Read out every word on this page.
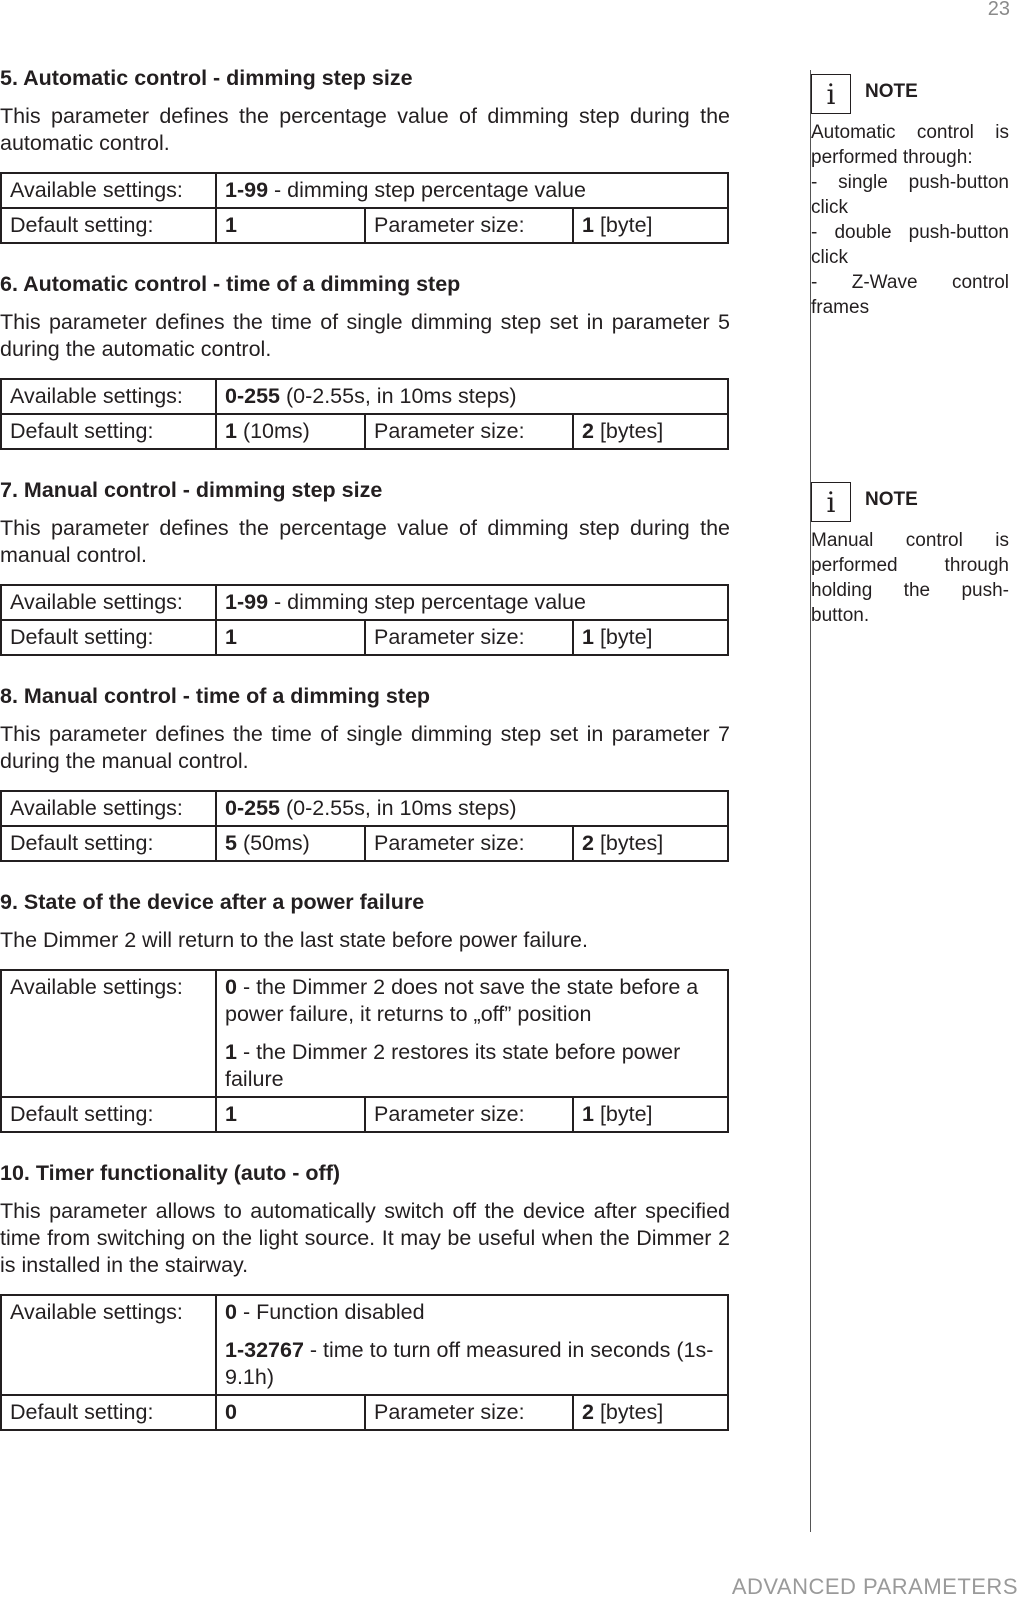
23
5. Automatic control - dimming step size

This parameter defines the percentage value of dimming step during the automatic control.

Available settings:	1-99 - dimming step percentage value		

Default setting:	1	Parameter size:	1 [byte]
6. Automatic control - time of a dimming step

This parameter defines the time of single dimming step set in parameter 5 during the automatic control.

Available settings:	0-255 (0-2.55s, in 10ms steps)		

Default setting:	1 (10ms)	Parameter size:	2 [bytes]
7. Manual control - dimming step size

This parameter defines the percentage value of dimming step during the manual control.

Available settings:	1-99 - dimming step percentage value		

Default setting:	1	Parameter size:	1 [byte]
8. Manual control - time of a dimming step

This parameter defines the time of single dimming step set in parameter 7 during the manual control.

Available settings:	0-255 (0-2.55s, in 10ms steps)		

Default setting:	5 (50ms)	Parameter size:	2 [bytes]
9. State of the device after a power failure

The Dimmer 2 will return to the last state before power failure.

Available settings:	0 - the Dimmer 2 does not save the state before a power failure, it returns to „off” position
1 - the Dimmer 2 restores its state before power failure		

Default setting:	1	Parameter size:	1 [byte]
10. Timer functionality (auto - off)

This parameter allows to automatically switch off the device after specified time from switching on the light source. It may be useful when the Dimmer 2 is installed in the stairway.

Available settings:	0 - Function disabled
1-32767 - time to turn off measured in seconds (1s-9.1h)		

Default setting:	0	Parameter size:	2 [bytes]
i	NOTE
Automatic control is performed through:
- single push-button click
- double push-button click
- Z-Wave control frames
i	NOTE
Manual control is performed through holding the push-button.
ADVANCED PARAMETERS
